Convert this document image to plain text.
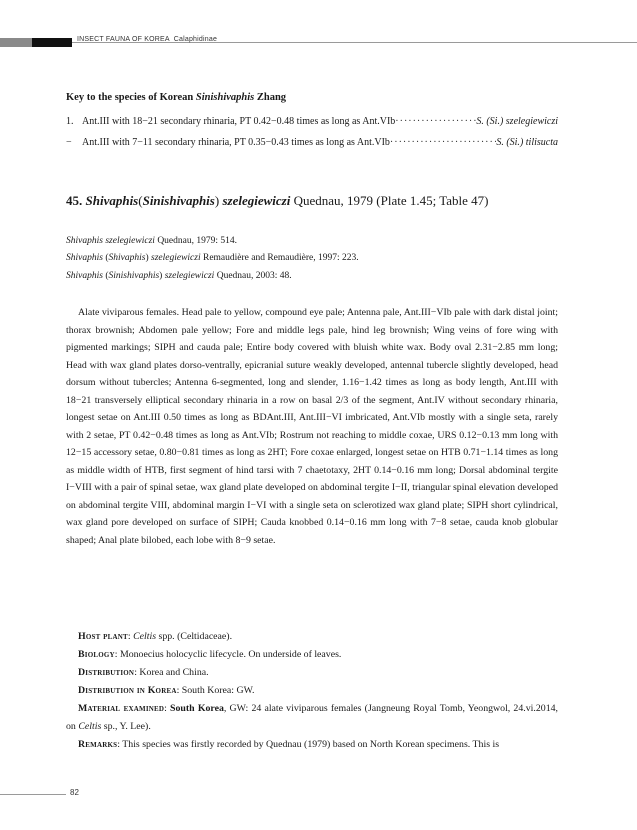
INSECT FAUNA OF KOREA Calaphidinae
Key to the species of Korean Sinishivaphis Zhang
1. Ant.III with 18−21 secondary rhinaria, PT 0.42−0.48 times as long as Ant.VIb ·····	S. (Si.) szelegiewiczi
−	Ant.III with 7−11 secondary rhinaria, PT 0.35−0.43 times as long as Ant.VIb ·····	S. (Si.) tilisucta
45. Shivaphis(Sinishivaphis) szelegiewiczi Quednau, 1979 (Plate 1.45; Table 47)
Shivaphis szelegiewiczi Quednau, 1979: 514.
Shivaphis (Shivaphis) szelegiewiczi Remaudière and Remaudière, 1997: 223.
Shivaphis (Sinishivaphis) szelegiewiczi Quednau, 2003: 48.
Alate viviparous females. Head pale to yellow, compound eye pale; Antenna pale, Ant.III−VIb pale with dark distal joint; thorax brownish; Abdomen pale yellow; Fore and middle legs pale, hind leg brownish; Wing veins of fore wing with pigmented markings; SIPH and cauda pale; Entire body covered with bluish white wax. Body oval 2.31−2.85 mm long; Head with wax gland plates dorso-ventrally, epicranial suture weakly developed, antennal tubercle slightly developed, head dorsum without tubercles; Antenna 6-segmented, long and slender, 1.16−1.42 times as long as body length, Ant.III with 18−21 transversely elliptical secondary rhinaria in a row on basal 2/3 of the segment, Ant.IV without secondary rhinaria, longest setae on Ant.III 0.50 times as long as BDAnt.III, Ant.III−VI imbricated, Ant.VIb mostly with a single seta, rarely with 2 setae, PT 0.42−0.48 times as long as Ant.VIb; Rostrum not reaching to middle coxae, URS 0.12−0.13 mm long with 12−15 accessory setae, 0.80−0.81 times as long as 2HT; Fore coxae enlarged, longest setae on HTB 0.71−1.14 times as long as middle width of HTB, first segment of hind tarsi with 7 chaetotaxy, 2HT 0.14−0.16 mm long; Dorsal abdominal tergite I−VIII with a pair of spinal setae, wax gland plate developed on abdominal tergite I−II, triangular spinal elevation developed on abdominal tergite VIII, abdominal margin I−VI with a single seta on sclerotized wax gland plate; SIPH short cylindrical, wax gland pore developed on surface of SIPH; Cauda knobbed 0.14−0.16 mm long with 7−8 setae, cauda knob globular shaped; Anal plate bilobed, each lobe with 8−9 setae.
Host plant: Celtis spp. (Celtidaceae).
Biology: Monoecius holocyclic lifecycle. On underside of leaves.
Distribution: Korea and China.
Distribution in Korea: South Korea: GW.
Material examined: South Korea, GW: 24 alate viviparous females (Jangneung Royal Tomb, Yeongwol, 24.vi.2014, on Celtis sp., Y. Lee).
Remarks: This species was firstly recorded by Quednau (1979) based on North Korean specimens. This is
82
